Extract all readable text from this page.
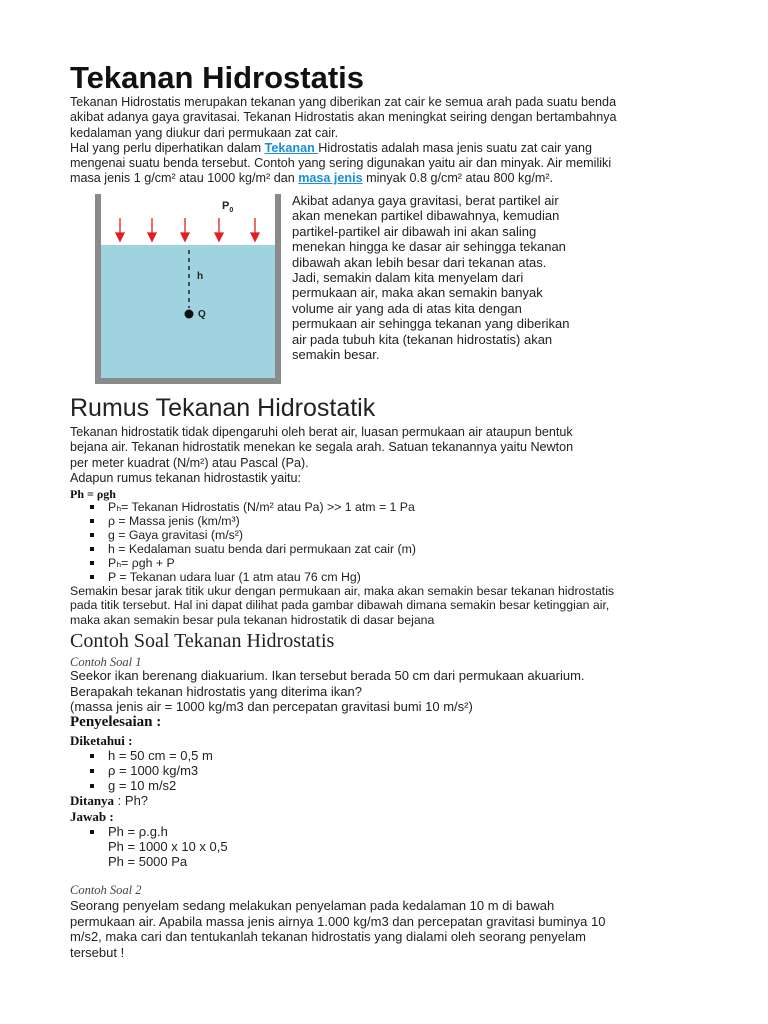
Tekanan Hidrostatis
Tekanan Hidrostatis merupakan tekanan yang diberikan zat cair ke semua arah pada suatu benda
akibat adanya gaya gravitasai. Tekanan Hidrostatis akan meningkat seiring dengan bertambahnya
kedalaman yang diukur dari permukaan zat cair.
Hal yang perlu diperhatikan dalam Tekanan Hidrostatis adalah masa jenis suatu zat cair yang
mengenai suatu benda tersebut. Contoh yang sering digunakan yaitu air dan minyak. Air memiliki
masa jenis 1 g/cm² atau 1000 kg/m² dan masa jenis minyak 0.8 g/cm² atau 800 kg/m².
$P_0$
h
Q
Akibat adanya gaya gravitasi, berat partikel air
akan menekan partikel dibawahnya, kemudian
partikel-partikel air dibawah ini akan saling
menekan hingga ke dasar air sehingga tekanan
dibawah akan lebih besar dari tekanan atas.
Jadi, semakin dalam kita menyelam dari
permukaan air, maka akan semakin banyak
volume air yang ada di atas kita dengan
permukaan air sehingga tekanan yang diberikan
air pada tubuh kita (tekanan hidrostatis) akan
semakin besar.
Rumus Tekanan Hidrostatik
Tekanan hidrostatik tidak dipengaruhi oleh berat air, luasan permukaan air ataupun bentuk
bejana air. Tekanan hidrostatik menekan ke segala arah. Satuan tekanannya yaitu Newton
per meter kuadrat (N/m²) atau Pascal (Pa).
Adapun rumus tekanan hidrostastik yaitu:
Ph = ρgh
Pₕ= Tekanan Hidrostatis (N/m² atau Pa) >> 1 atm = 1 Pa
ρ = Massa jenis (km/m³)
g = Gaya gravitasi (m/s²)
h = Kedalaman suatu benda dari permukaan zat cair (m)
Pₕ= ρgh + P
P = Tekanan udara luar (1 atm atau 76 cm Hg)
Semakin besar jarak titik ukur dengan permukaan air, maka akan semakin besar tekanan hidrostatis
pada titik tersebut. Hal ini dapat dilihat pada gambar dibawah dimana semakin besar ketinggian air,
maka akan semakin besar pula tekanan hidrostatik di dasar bejana
Contoh Soal Tekanan Hidrostatis
Contoh Soal 1
Seekor ikan berenang diakuarium. Ikan tersebut berada 50 cm dari permukaan akuarium.
Berapakah tekanan hidrostatis yang diterima ikan?
(massa jenis air = 1000 kg/m3 dan percepatan gravitasi bumi 10 m/s²)
Penyelesaian :
Diketahui :
h = 50 cm = 0,5 m
ρ = 1000 kg/m3
g = 10 m/s2
Ditanya : Ph?
Jawab :
Ph = ρ.g.h
Ph = 1000 x 10 x 0,5
Ph = 5000 Pa
Contoh Soal 2
Seorang penyelam sedang melakukan penyelaman pada kedalaman 10 m di bawah
permukaan air. Apabila massa jenis airnya 1.000 kg/m3 dan percepatan gravitasi buminya 10
m/s2, maka cari dan tentukanlah tekanan hidrostatis yang dialami oleh seorang penyelam
tersebut !
